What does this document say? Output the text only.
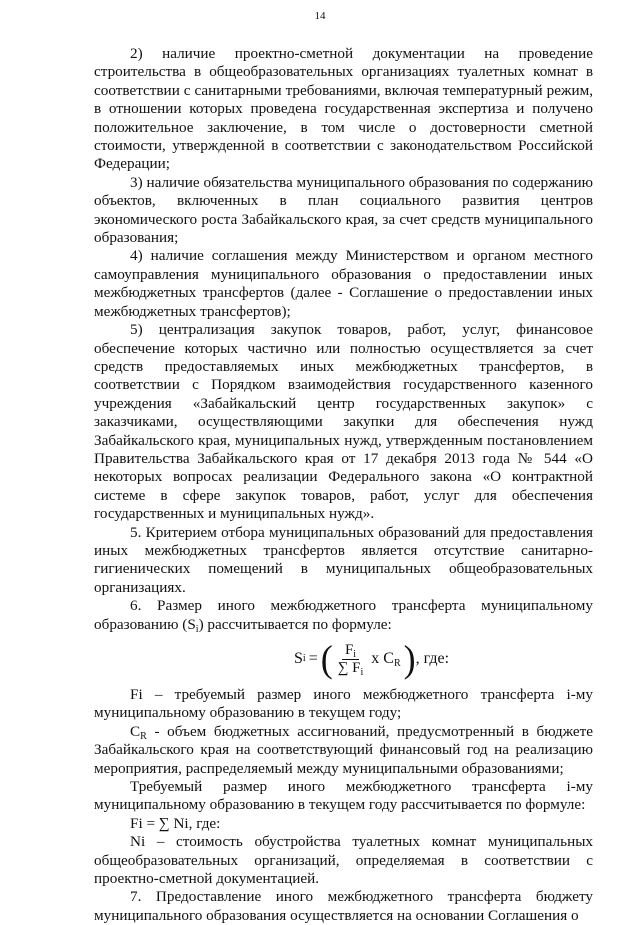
14

2) наличие проектно-сметной документации на проведение строительства в общеобразовательных организациях туалетных комнат в соответствии с санитарными требованиями, включая температурный режим, в отношении которых проведена государственная экспертиза и получено положительное заключение, в том числе о достоверности сметной стоимости, утвержденной в соответствии с законодательством Российской Федерации;

3) наличие обязательства муниципального образования по содержанию объектов, включенных в план социального развития центров экономического роста Забайкальского края, за счет средств муниципального образования;

4) наличие соглашения между Министерством и органом местного самоуправления муниципального образования о предоставлении иных межбюджетных трансфертов (далее - Соглашение о предоставлении иных межбюджетных трансфертов);

5) централизация закупок товаров, работ, услуг, финансовое обеспечение которых частично или полностью осуществляется за счет средств предоставляемых иных межбюджетных трансфертов, в соответствии с Порядком взаимодействия государственного казенного учреждения «Забайкальский центр государственных закупок» с заказчиками, осуществляющими закупки для обеспечения нужд Забайкальского края, муниципальных нужд, утвержденным постановлением Правительства Забайкальского края от 17 декабря 2013 года № 544 «О некоторых вопросах реализации Федерального закона «О контрактной системе в сфере закупок товаров, работ, услуг для обеспечения государственных и муниципальных нужд».

5. Критерием отбора муниципальных образований для предоставления иных межбюджетных трансфертов является отсутствие санитарно-гигиенических помещений в муниципальных общеобразовательных организациях.

6. Размер иного межбюджетного трансферта муниципальному образованию $(S_i)$ рассчитывается по формуле:

S i = ( $\frac{F_i}{\sum F_i}$ x $C_R$ ) , где:

Fi – требуемый размер иного межбюджетного трансферта i-му муниципальному образованию в текущем году;

$C_R$ - объем бюджетных ассигнований, предусмотренный в бюджете Забайкальского края на соответствующий финансовый год на реализацию мероприятия, распределяемый между муниципальными образованиями;

Требуемый размер иного межбюджетного трансферта i-му муниципальному образованию в текущем году рассчитывается по формуле:

Fi = ∑ Ni, где:

Ni – стоимость обустройства туалетных комнат муниципальных общеобразовательных организаций, определяемая в соответствии с проектно-сметной документацией.

7. Предоставление иного межбюджетного трансферта бюджету муниципального образования осуществляется на основании Соглашения о
